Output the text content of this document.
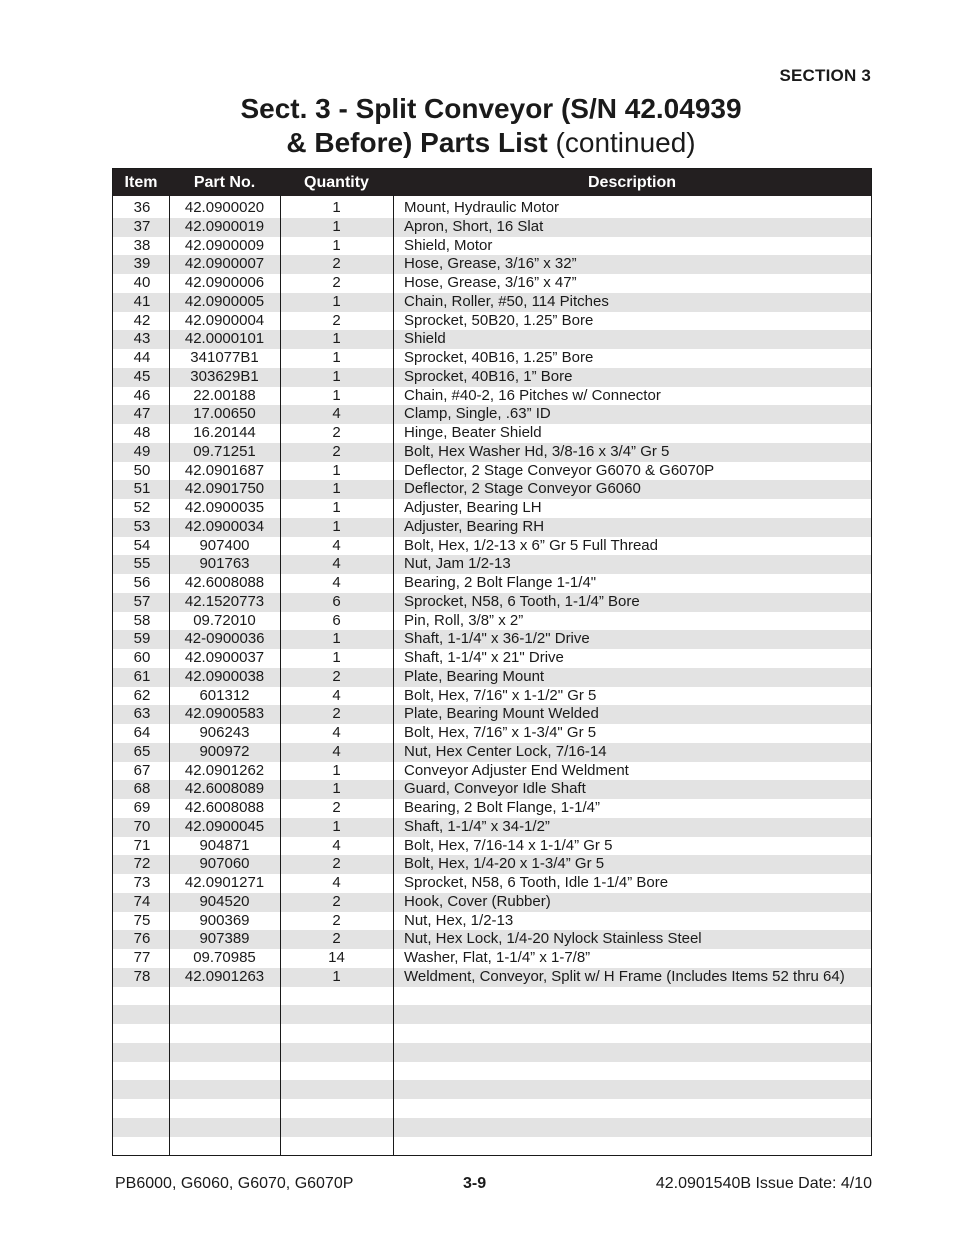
SECTION 3
Sect. 3 - Split Conveyor (S/N 42.04939
& Before) Parts List (continued)
Item	Part No.	Quantity	Description
36	42.0900020	1	Mount, Hydraulic Motor
37	42.0900019	1	Apron, Short, 16 Slat
38	42.0900009	1	Shield, Motor
39	42.0900007	2	Hose, Grease, 3/16” x 32”
40	42.0900006	2	Hose, Grease, 3/16” x 47”
41	42.0900005	1	Chain, Roller, #50, 114 Pitches
42	42.0900004	2	Sprocket, 50B20, 1.25” Bore
43	42.0000101	1	Shield
44	341077B1	1	Sprocket, 40B16, 1.25” Bore
45	303629B1	1	Sprocket, 40B16, 1” Bore
46	22.00188	1	Chain, #40-2, 16 Pitches w/ Connector
47	17.00650	4	Clamp, Single, .63” ID
48	16.20144	2	Hinge, Beater Shield
49	09.71251	2	Bolt, Hex Washer Hd, 3/8-16 x 3/4” Gr 5
50	42.0901687	1	Deflector, 2 Stage Conveyor G6070 & G6070P
51	42.0901750	1	Deflector, 2 Stage Conveyor G6060
52	42.0900035	1	Adjuster, Bearing LH
53	42.0900034	1	Adjuster, Bearing RH
54	907400	4	Bolt, Hex, 1/2-13 x 6” Gr 5 Full Thread
55	901763	4	Nut, Jam 1/2-13
56	42.6008088	4	Bearing, 2 Bolt Flange 1-1/4"
57	42.1520773	6	Sprocket, N58, 6 Tooth, 1-1/4” Bore
58	09.72010	6	Pin, Roll, 3/8” x 2”
59	42-0900036	1	Shaft, 1-1/4" x 36-1/2" Drive
60	42.0900037	1	Shaft, 1-1/4" x 21" Drive
61	42.0900038	2	Plate, Bearing Mount
62	601312	4	Bolt, Hex, 7/16" x 1-1/2" Gr 5
63	42.0900583	2	Plate, Bearing Mount Welded
64	906243	4	Bolt, Hex, 7/16” x 1-3/4" Gr 5
65	900972	4	Nut, Hex Center Lock, 7/16-14
67	42.0901262	1	Conveyor Adjuster End Weldment
68	42.6008089	1	Guard, Conveyor Idle Shaft
69	42.6008088	2	Bearing, 2 Bolt Flange, 1-1/4”
70	42.0900045	1	Shaft, 1-1/4” x 34-1/2”
71	904871	4	Bolt, Hex, 7/16-14 x 1-1/4” Gr 5
72	907060	2	Bolt, Hex, 1/4-20 x 1-3/4” Gr 5
73	42.0901271	4	Sprocket, N58, 6 Tooth, Idle 1-1/4” Bore
74	904520	2	Hook, Cover (Rubber)
75	900369	2	Nut, Hex, 1/2-13
76	907389	2	Nut, Hex Lock, 1/4-20 Nylock Stainless Steel
77	09.70985	14	Washer, Flat, 1-1/4” x 1-7/8”
78	42.0901263	1	Weldment, Conveyor, Split w/ H Frame (Includes Items 52 thru 64)
PB6000, G6060, G6070, G6070P	3-9	42.0901540B Issue Date: 4/10
